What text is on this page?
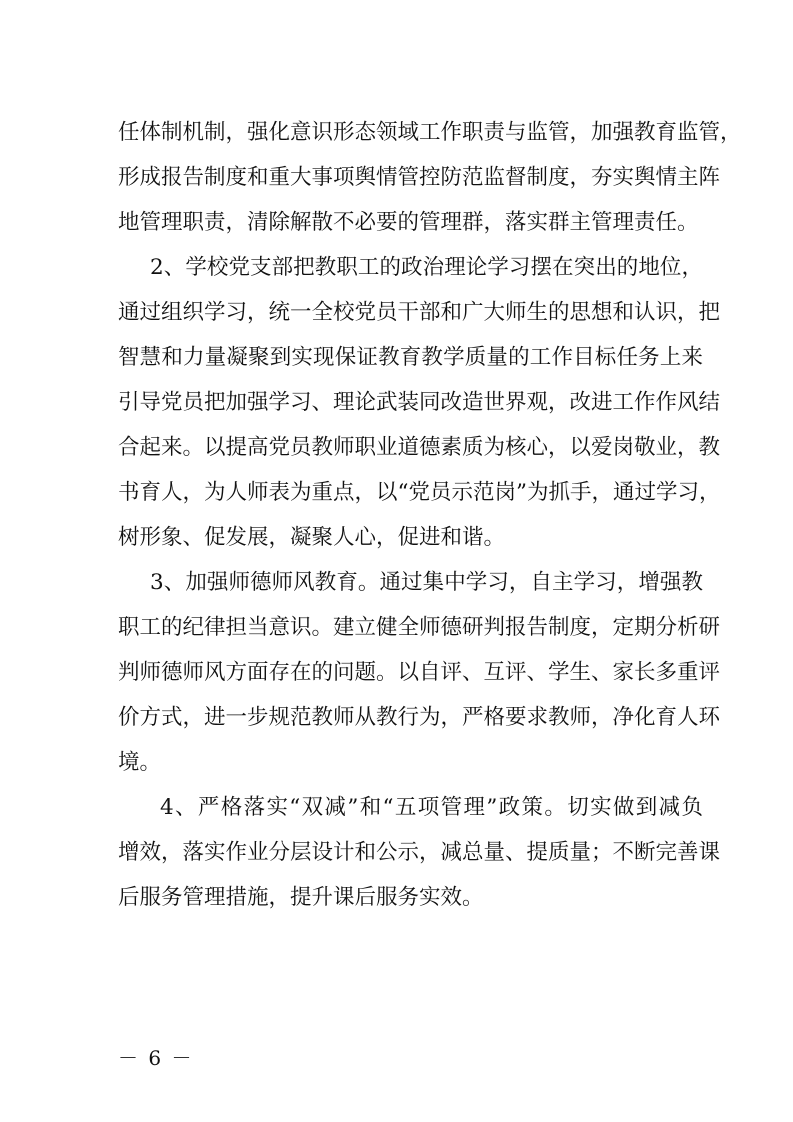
任体制机制，强化意识形态领域工作职责与监管，加强教育监管，
形成报告制度和重大事项舆情管控防范监督制度，夯实舆情主阵
地管理职责，清除解散不必要的管理群，落实群主管理责任。
2、学校党支部把教职工的政治理论学习摆在突出的地位，
通过组织学习，统一全校党员干部和广大师生的思想和认识，把
智慧和力量凝聚到实现保证教育教学质量的工作目标任务上来
引导党员把加强学习、理论武装同改造世界观，改进工作作风结
合起来。以提高党员教师职业道德素质为核心，以爱岗敬业，教
书育人，为人师表为重点，以“党员示范岗”为抓手，通过学习，
树形象、促发展，凝聚人心，促进和谐。
3、加强师德师风教育。通过集中学习，自主学习，增强教
职工的纪律担当意识。建立健全师德研判报告制度，定期分析研
判师德师风方面存在的问题。以自评、互评、学生、家长多重评
价方式，进一步规范教师从教行为，严格要求教师，净化育人环
境。
4、严格落实“双减”和“五项管理”政策。切实做到减负
增效，落实作业分层设计和公示，减总量、提质量；不断完善课
后服务管理措施，提升课后服务实效。
－ 6 －
